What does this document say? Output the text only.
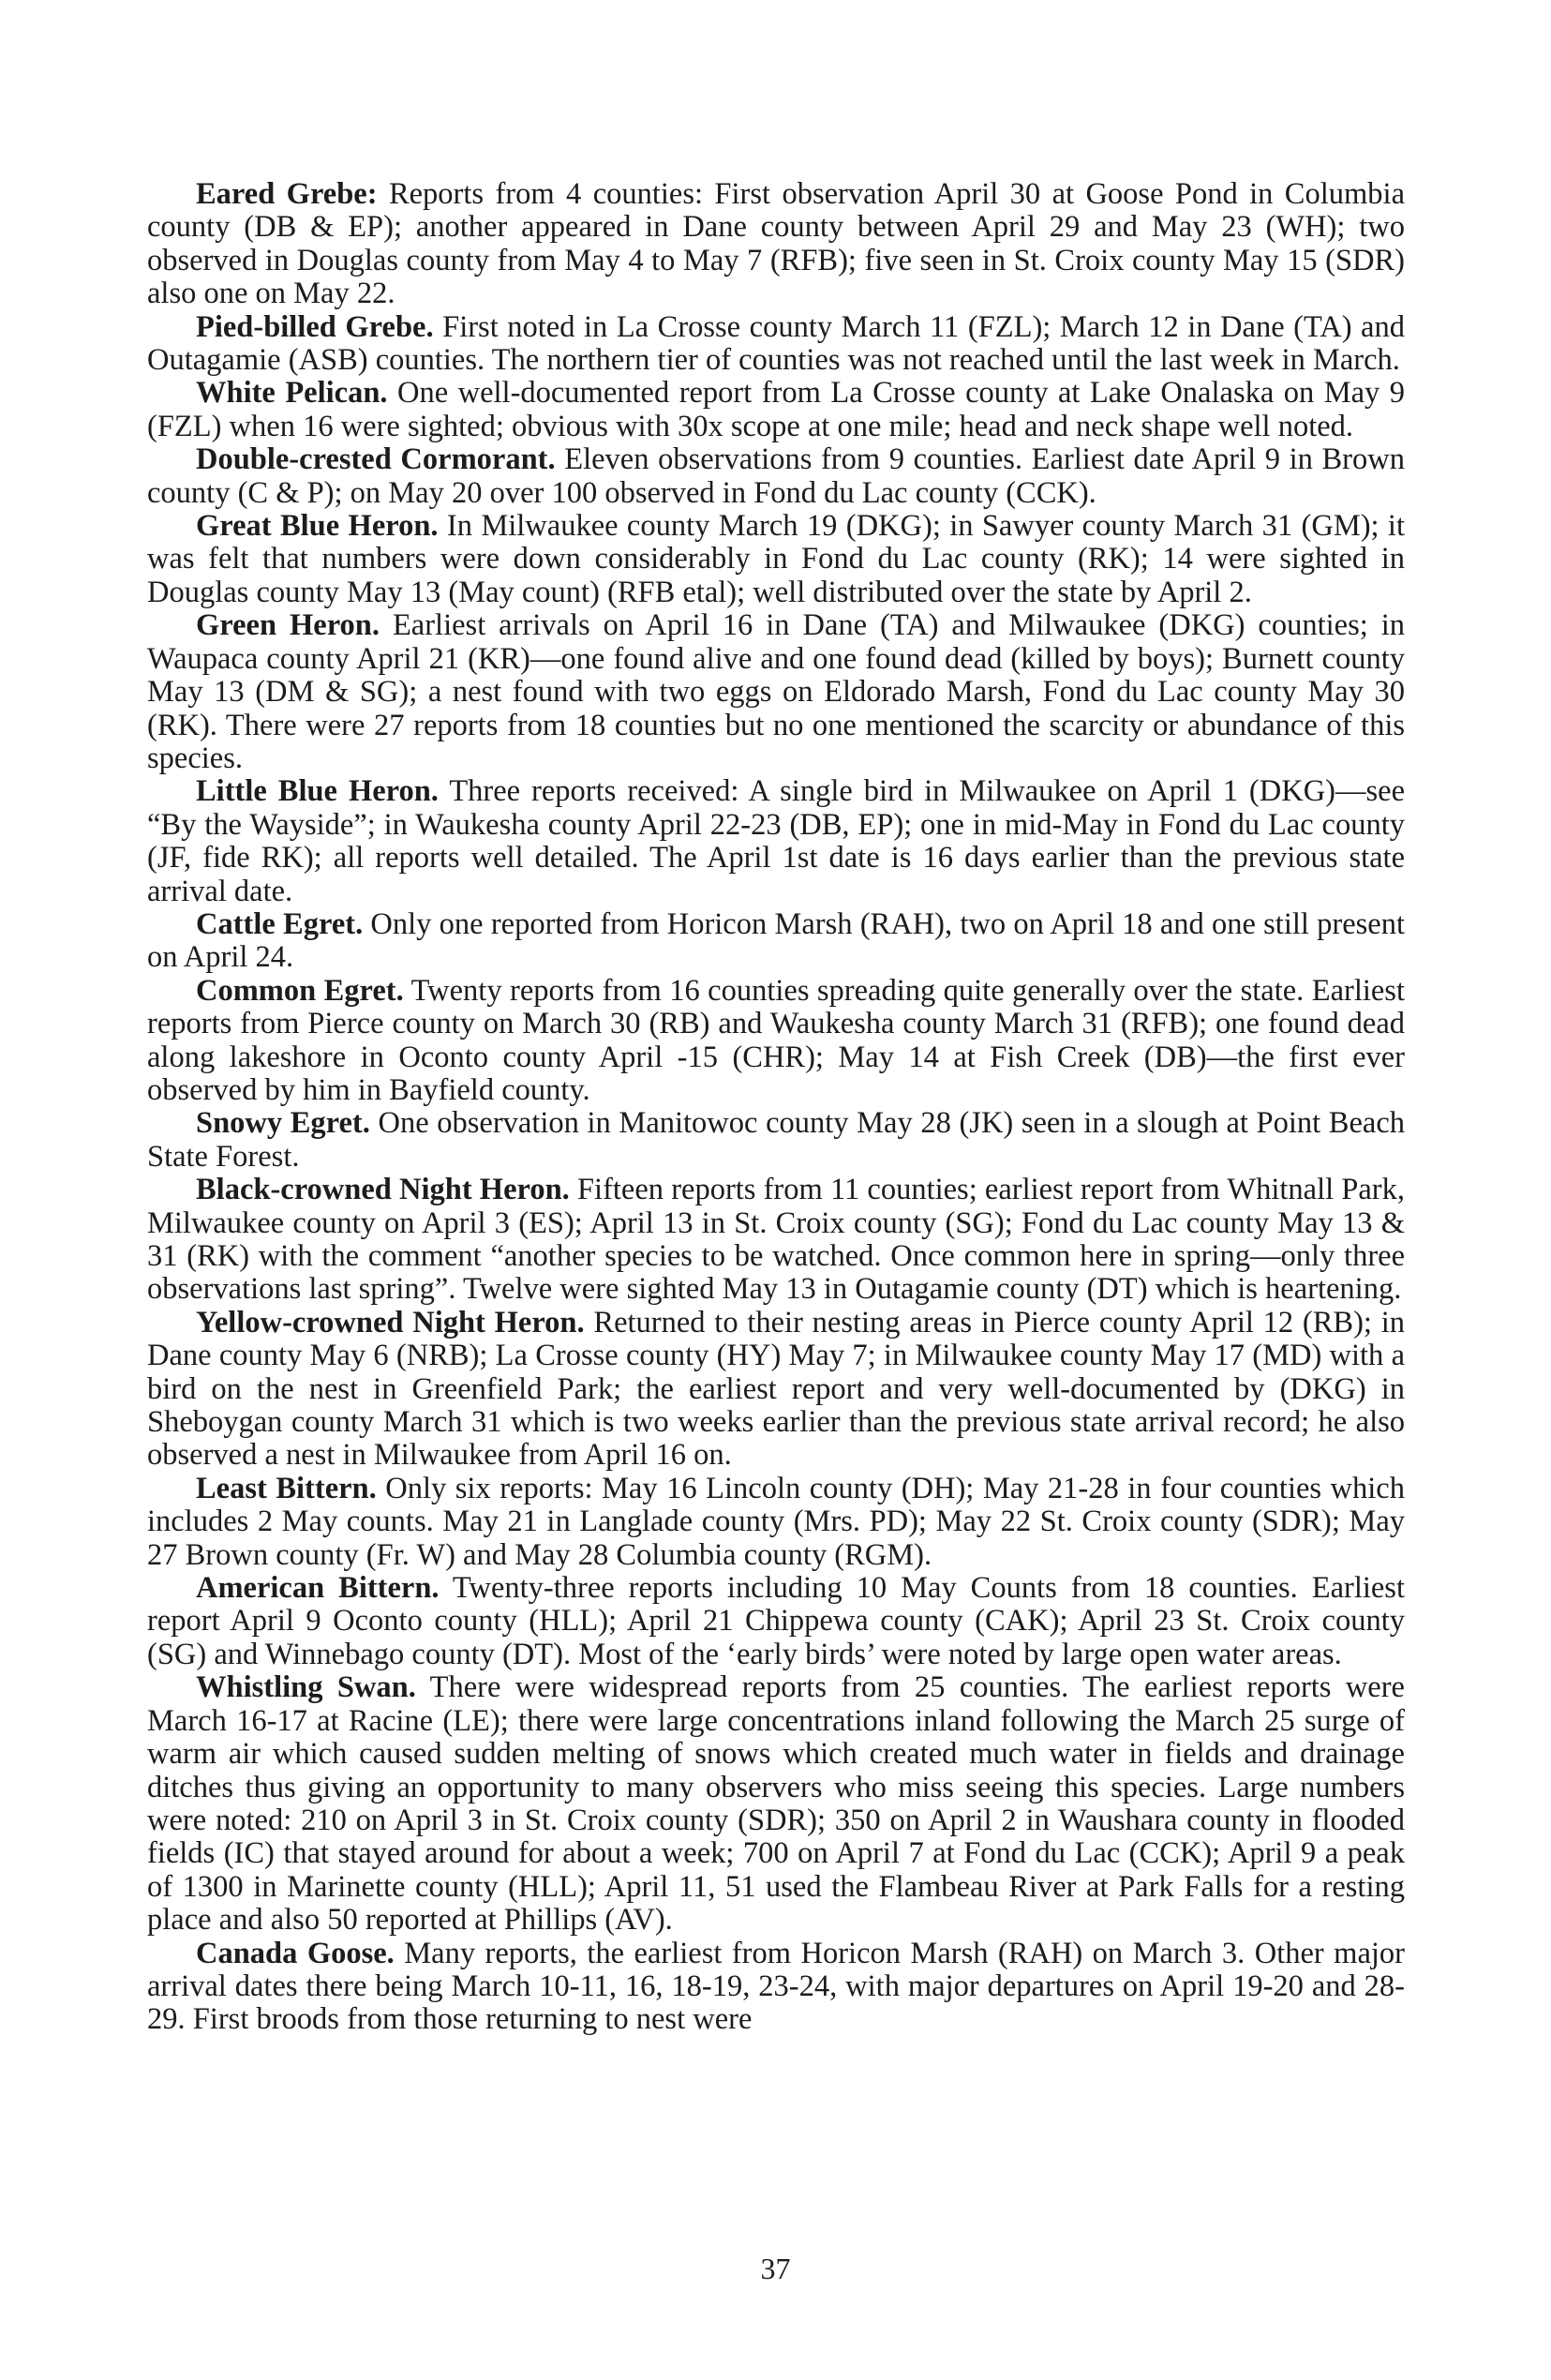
Eared Grebe: Reports from 4 counties: First observation April 30 at Goose Pond in Columbia county (DB & EP); another appeared in Dane county between April 29 and May 23 (WH); two observed in Douglas county from May 4 to May 7 (RFB); five seen in St. Croix county May 15 (SDR) also one on May 22.

Pied-billed Grebe. First noted in La Crosse county March 11 (FZL); March 12 in Dane (TA) and Outagamie (ASB) counties. The northern tier of counties was not reached until the last week in March.

White Pelican. One well-documented report from La Crosse county at Lake Onalaska on May 9 (FZL) when 16 were sighted; obvious with 30x scope at one mile; head and neck shape well noted.

Double-crested Cormorant. Eleven observations from 9 counties. Earliest date April 9 in Brown county (C & P); on May 20 over 100 observed in Fond du Lac county (CCK).

Great Blue Heron. In Milwaukee county March 19 (DKG); in Sawyer county March 31 (GM); it was felt that numbers were down considerably in Fond du Lac county (RK); 14 were sighted in Douglas county May 13 (May count) (RFB etal); well distributed over the state by April 2.

Green Heron. Earliest arrivals on April 16 in Dane (TA) and Milwaukee (DKG) counties; in Waupaca county April 21 (KR)—one found alive and one found dead (killed by boys); Burnett county May 13 (DM & SG); a nest found with two eggs on Eldorado Marsh, Fond du Lac county May 30 (RK). There were 27 reports from 18 counties but no one mentioned the scarcity or abundance of this species.

Little Blue Heron. Three reports received: A single bird in Milwaukee on April 1 (DKG)—see “By the Wayside”; in Waukesha county April 22-23 (DB, EP); one in mid-May in Fond du Lac county (JF, fide RK); all reports well detailed. The April 1st date is 16 days earlier than the previous state arrival date.

Cattle Egret. Only one reported from Horicon Marsh (RAH), two on April 18 and one still present on April 24.

Common Egret. Twenty reports from 16 counties spreading quite generally over the state. Earliest reports from Pierce county on March 30 (RB) and Waukesha county March 31 (RFB); one found dead along lakeshore in Oconto county April -15 (CHR); May 14 at Fish Creek (DB)—the first ever observed by him in Bayfield county.

Snowy Egret. One observation in Manitowoc county May 28 (JK) seen in a slough at Point Beach State Forest.

Black-crowned Night Heron. Fifteen reports from 11 counties; earliest report from Whitnall Park, Milwaukee county on April 3 (ES); April 13 in St. Croix county (SG); Fond du Lac county May 13 & 31 (RK) with the comment “another species to be watched. Once common here in spring—only three observations last spring”. Twelve were sighted May 13 in Outagamie county (DT) which is heartening.

Yellow-crowned Night Heron. Returned to their nesting areas in Pierce county April 12 (RB); in Dane county May 6 (NRB); La Crosse county (HY) May 7; in Milwaukee county May 17 (MD) with a bird on the nest in Greenfield Park; the earliest report and very well-documented by (DKG) in Sheboygan county March 31 which is two weeks earlier than the previous state arrival record; he also observed a nest in Milwaukee from April 16 on.

Least Bittern. Only six reports: May 16 Lincoln county (DH); May 21-28 in four counties which includes 2 May counts. May 21 in Langlade county (Mrs. PD); May 22 St. Croix county (SDR); May 27 Brown county (Fr. W) and May 28 Columbia county (RGM).

American Bittern. Twenty-three reports including 10 May Counts from 18 counties. Earliest report April 9 Oconto county (HLL); April 21 Chippewa county (CAK); April 23 St. Croix county (SG) and Winnebago county (DT). Most of the ‘early birds’ were noted by large open water areas.

Whistling Swan. There were widespread reports from 25 counties. The earliest reports were March 16-17 at Racine (LE); there were large concentrations inland following the March 25 surge of warm air which caused sudden melting of snows which created much water in fields and drainage ditches thus giving an opportunity to many observers who miss seeing this species. Large numbers were noted: 210 on April 3 in St. Croix county (SDR); 350 on April 2 in Waushara county in flooded fields (IC) that stayed around for about a week; 700 on April 7 at Fond du Lac (CCK); April 9 a peak of 1300 in Marinette county (HLL); April 11, 51 used the Flambeau River at Park Falls for a resting place and also 50 reported at Phillips (AV).

Canada Goose. Many reports, the earliest from Horicon Marsh (RAH) on March 3. Other major arrival dates there being March 10-11, 16, 18-19, 23-24, with major departures on April 19-20 and 28-29. First broods from those returning to nest were

37
